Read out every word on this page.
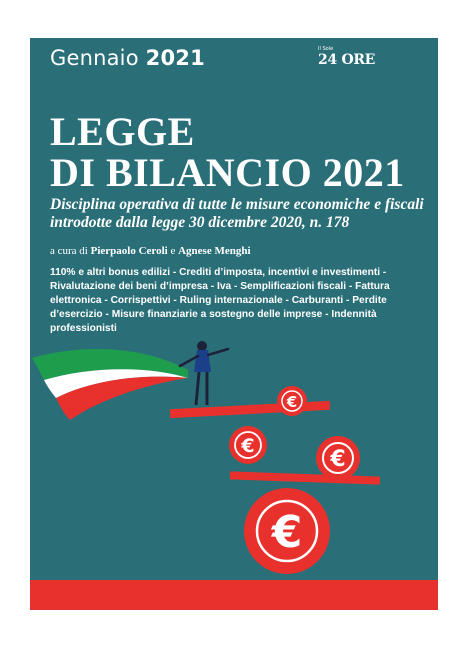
Gennaio 2021	Il Sole
24 ORE
LEGGE
DI BILANCIO 2021

Disciplina operativa di tutte le misure economiche e fiscali introdotte dalla legge 30 dicembre 2020, n. 178

a cura di Pierpaolo Ceroli e Agnese Menghi

110% e altri bonus edilizi - Crediti d’imposta, incentivi e investimenti - Rivalutazione dei beni d’impresa - Iva - Semplificazioni fiscali - Fattura elettronica - Corrispettivi - Ruling internazionale - Carburanti - Perdite d’esercizio - Misure finanziarie a sostegno delle imprese - Indennità professionisti

€
€
€
€
